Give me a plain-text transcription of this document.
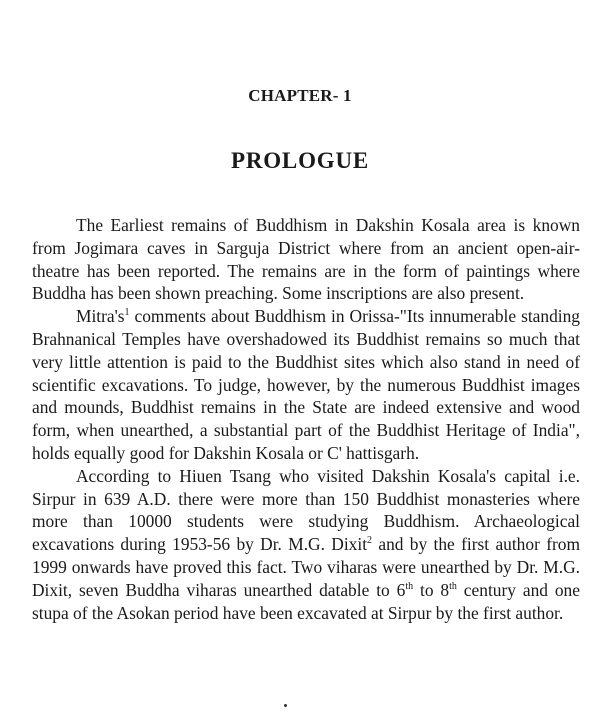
CHAPTER- 1
PROLOGUE

The Earliest remains of Buddhism in Dakshin Kosala area is known from Jogimara caves in Sarguja District where from an ancient open-air-theatre has been reported. The remains are in the form of paintings where Buddha has been shown preaching. Some inscriptions are also present.

$Mitra's^1$ comments about Buddhism in Orissa-"Its innumerable standing Brahnanical Temples have overshadowed its Buddhist remains so much that very little attention is paid to the Buddhist sites which also stand in need of scientific excavations. To judge, however, by the numerous Buddhist images and mounds, Buddhist remains in the State are indeed extensive and wood form, when unearthed, a substantial part of the Buddhist Heritage of India", holds equally good for Dakshin Kosala or C' hattisgarh.

According to Hiuen Tsang who visited Dakshin Kosala's capital i.e. Sirpur in 639 A.D. there were more than 150 Buddhist monasteries where more than 10000 students were studying Buddhism. Archaeological excavations during 1953-56 by Dr. M.G. Dixit$^2$ and by the first author from 1999 onwards have proved this fact. Two viharas were unearthed by Dr. M.G. Dixit, seven Buddha viharas unearthed datable to 6th to 8th century and one stupa of the Asokan period have been excavated at Sirpur by the first author.
